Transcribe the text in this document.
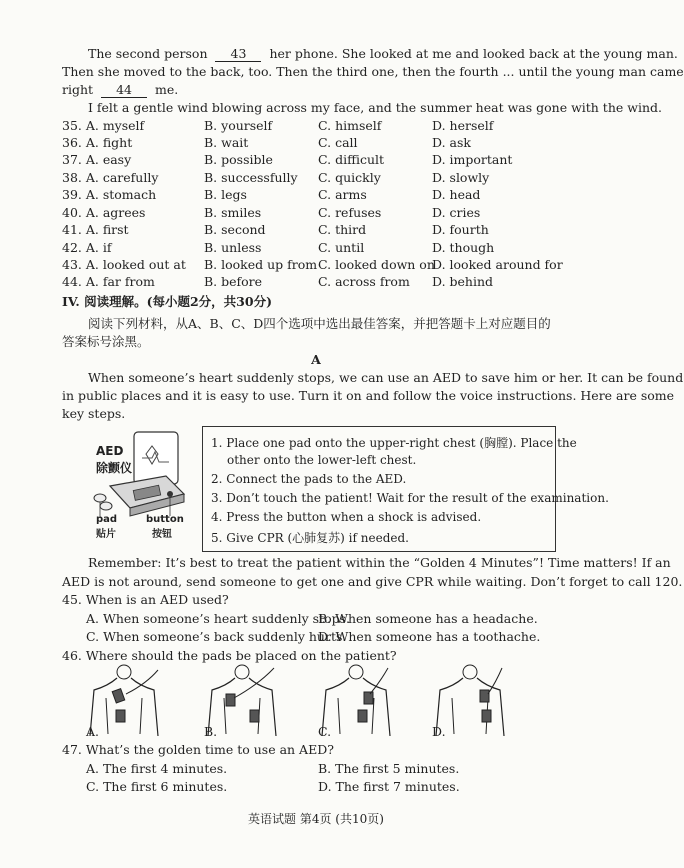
The second person 43 her phone. She looked at me and looked back at the young man.
Then she moved to the back, too. Then the third one, then the fourth ... until the young man came
right 44 me.
I felt a gentle wind blowing across my face, and the summer heat was gone with the wind.
35. A. myself	B. yourself	C. himself	D. herself
36. A. fight	B. wait	C. call	D. ask
37. A. easy	B. possible	C. difficult	D. important
38. A. carefully	B. successfully C. quickly	D. slowly
39. A. stomach	B. legs	C. arms	D. head
40. A. agrees	B. smiles	C. refuses	D. cries
41. A. first	B. second	C. third	D. fourth
42. A. if	B. unless	C. until	D. though
43. A. looked out at B. looked up from C. looked down on
D. looked around for
44. A. far from	B. before	C. across from D. behind
IV. 阅读理解。(每小题2分，共30分)
阅读下列材料，从A、B、C、D四个选项中选出最佳答案，并把答题卡上对应题目的
答案标号涂黑。
A
When someone’s heart suddenly stops, we can use an AED to save him or her. It can be found
in public places and it is easy to use. Turn it on and follow the voice instructions. Here are some
key steps.
AED
除颤仪
pad
贴片
button
按钮
1. Place one pad onto the upper-right chest (胸膛). Place the
other onto the lower-left chest.
2. Connect the pads to the AED.
3. Don’t touch the patient! Wait for the result of the examination.
4. Press the button when a shock is advised.
5. Give CPR (心肺复苏) if needed.
Remember: It’s best to treat the patient within the “Golden 4 Minutes”! Time matters! If an
AED is not around, send someone to get one and give CPR while waiting. Don’t forget to call 120.
45. When is an AED used?
A. When someone’s heart suddenly stops.
B. When someone has a headache.
C. When someone’s back suddenly hurts.
D. When someone has a toothache.
46. Where should the pads be placed on the patient?
A.	B.	C.	D.
47. What’s the golden time to use an AED?
A. The first 4 minutes.	B. The first 5 minutes.
C. The first 6 minutes.	D. The first 7 minutes.
英语试题 第4页 (共10页)
